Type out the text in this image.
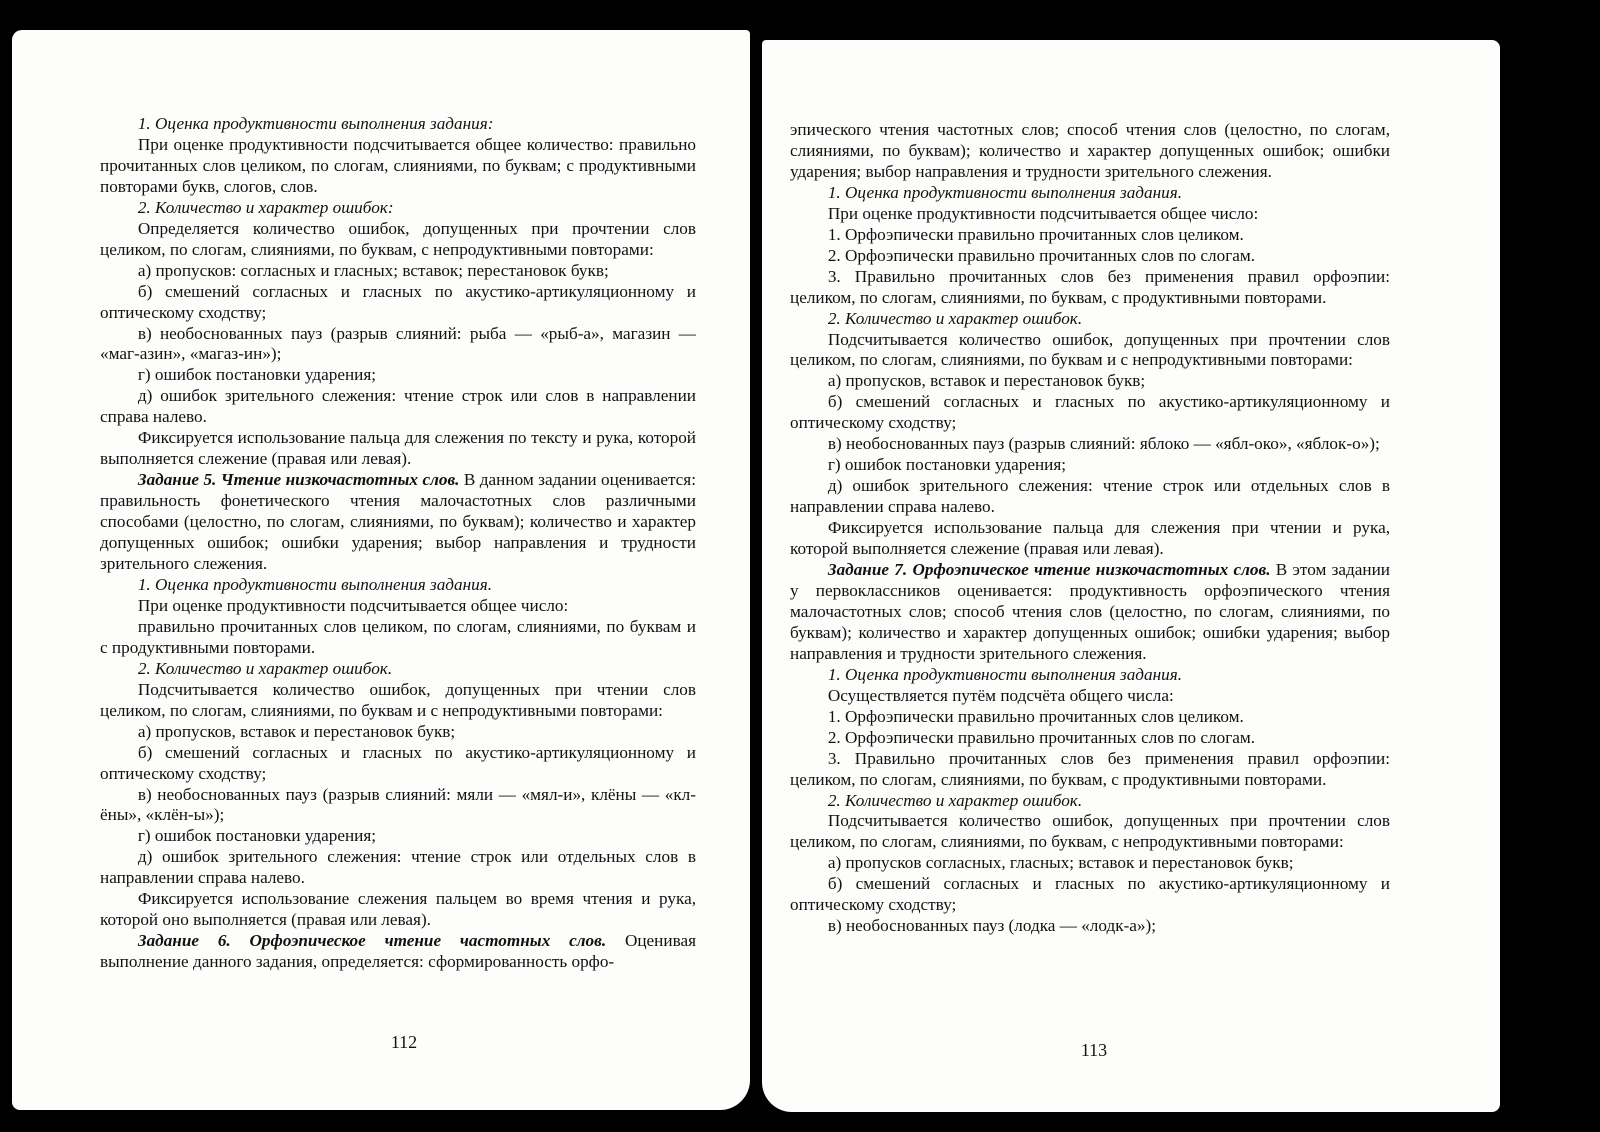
1. Оценка продуктивности выполнения задания:

При оценке продуктивности подсчитывается общее количество: правильно прочитанных слов целиком, по слогам, слияниями, по буквам; с продуктивными повторами букв, слогов, слов.

2. Количество и характер ошибок:

Определяется количество ошибок, допущенных при прочтении слов целиком, по слогам, слияниями, по буквам, с непродуктивными повторами:

а) пропусков: согласных и гласных; вставок; перестановок букв;

б) смешений согласных и гласных по акустико-артикуляционному и оптическому сходству;

в) необоснованных пауз (разрыв слияний: рыба — «рыб-а», магазин — «маг-азин», «магаз-ин»);

г) ошибок постановки ударения;

д) ошибок зрительного слежения: чтение строк или слов в направлении справа налево.

Фиксируется использование пальца для слежения по тексту и рука, которой выполняется слежение (правая или левая).

Задание 5. Чтение низкочастотных слов. В данном задании оценивается: правильность фонетического чтения малочастотных слов различными способами (целостно, по слогам, слияниями, по буквам); количество и характер допущенных ошибок; ошибки ударения; выбор направления и трудности зрительного слежения.

1. Оценка продуктивности выполнения задания.

При оценке продуктивности подсчитывается общее число:

правильно прочитанных слов целиком, по слогам, слияниями, по буквам и с продуктивными повторами.

2. Количество и характер ошибок.

Подсчитывается количество ошибок, допущенных при чтении слов целиком, по слогам, слияниями, по буквам и с непродуктивными повторами:

а) пропусков, вставок и перестановок букв;

б) смешений согласных и гласных по акустико-артикуляционному и оптическому сходству;

в) необоснованных пауз (разрыв слияний: мяли — «мял-и», клёны — «кл-ёны», «клён-ы»);

г) ошибок постановки ударения;

д) ошибок зрительного слежения: чтение строк или отдельных слов в направлении справа налево.

Фиксируется использование слежения пальцем во время чтения и рука, которой оно выполняется (правая или левая).

Задание 6. Орфоэпическое чтение частотных слов. Оценивая выполнение данного задания, определяется: сформированность орфо-

112

эпического чтения частотных слов; способ чтения слов (целостно, по слогам, слияниями, по буквам); количество и характер допущенных ошибок; ошибки ударения; выбор направления и трудности зрительного слежения.

1. Оценка продуктивности выполнения задания.

При оценке продуктивности подсчитывается общее число:

1. Орфоэпически правильно прочитанных слов целиком.

2. Орфоэпически правильно прочитанных слов по слогам.

3. Правильно прочитанных слов без применения правил орфоэпии: целиком, по слогам, слияниями, по буквам, с продуктивными повторами.

2. Количество и характер ошибок.

Подсчитывается количество ошибок, допущенных при прочтении слов целиком, по слогам, слияниями, по буквам и с непродуктивными повторами:

а) пропусков, вставок и перестановок букв;

б) смешений согласных и гласных по акустико-артикуляционному и оптическому сходству;

в) необоснованных пауз (разрыв слияний: яблоко — «ябл-око», «яблок-о»);

г) ошибок постановки ударения;

д) ошибок зрительного слежения: чтение строк или отдельных слов в направлении справа налево.

Фиксируется использование пальца для слежения при чтении и рука, которой выполняется слежение (правая или левая).

Задание 7. Орфоэпическое чтение низкочастотных слов. В этом задании у первоклассников оценивается: продуктивность орфоэпического чтения малочастотных слов; способ чтения слов (целостно, по слогам, слияниями, по буквам); количество и характер допущенных ошибок; ошибки ударения; выбор направления и трудности зрительного слежения.

1. Оценка продуктивности выполнения задания.

Осуществляется путём подсчёта общего числа:

1. Орфоэпически правильно прочитанных слов целиком.

2. Орфоэпически правильно прочитанных слов по слогам.

3. Правильно прочитанных слов без применения правил орфоэпии: целиком, по слогам, слияниями, по буквам, с продуктивными повторами.

2. Количество и характер ошибок.

Подсчитывается количество ошибок, допущенных при прочтении слов целиком, по слогам, слияниями, по буквам, с непродуктивными повторами:

а) пропусков согласных, гласных; вставок и перестановок букв;

б) смешений согласных и гласных по акустико-артикуляционному и оптическому сходству;

в) необоснованных пауз (лодка — «лодк-а»);

113
